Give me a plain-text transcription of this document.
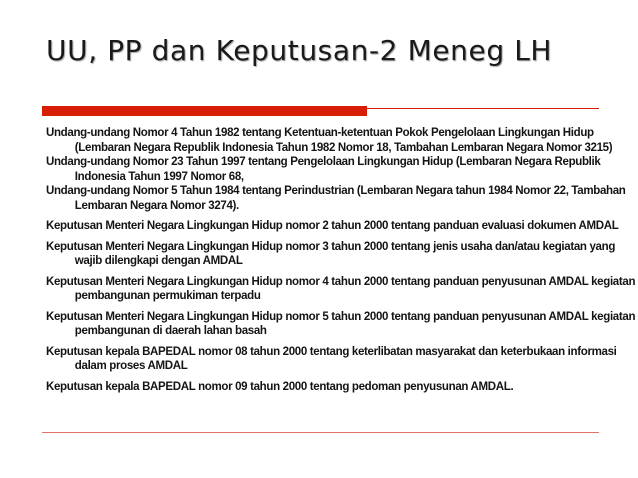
UU, PP dan Keputusan-2 Meneg LH
Undang-undang Nomor 4 Tahun 1982 tentang Ketentuan-ketentuan Pokok Pengelolaan Lingkungan Hidup (Lembaran Negara Republik Indonesia Tahun 1982 Nomor 18, Tambahan Lembaran Negara Nomor 3215)
Undang-undang Nomor 23 Tahun 1997 tentang Pengelolaan Lingkungan Hidup (Lembaran Negara Republik Indonesia Tahun 1997 Nomor 68,
Undang-undang Nomor 5 Tahun 1984 tentang Perindustrian (Lembaran Negara tahun 1984 Nomor 22, Tambahan Lembaran Negara Nomor 3274).
Keputusan Menteri Negara Lingkungan Hidup nomor 2 tahun 2000 tentang panduan evaluasi dokumen AMDAL
Keputusan Menteri Negara Lingkungan Hidup nomor 3 tahun 2000 tentang jenis usaha dan/atau kegiatan yang wajib dilengkapi dengan AMDAL
Keputusan Menteri Negara Lingkungan Hidup nomor 4 tahun 2000 tentang panduan penyusunan AMDAL kegiatan pembangunan permukiman terpadu
Keputusan Menteri Negara Lingkungan Hidup nomor 5 tahun 2000 tentang panduan penyusunan AMDAL kegiatan pembangunan di daerah lahan basah
Keputusan kepala BAPEDAL nomor 08 tahun 2000 tentang keterlibatan masyarakat dan keterbukaan informasi dalam proses AMDAL
Keputusan kepala BAPEDAL nomor 09 tahun 2000 tentang pedoman penyusunan AMDAL.
